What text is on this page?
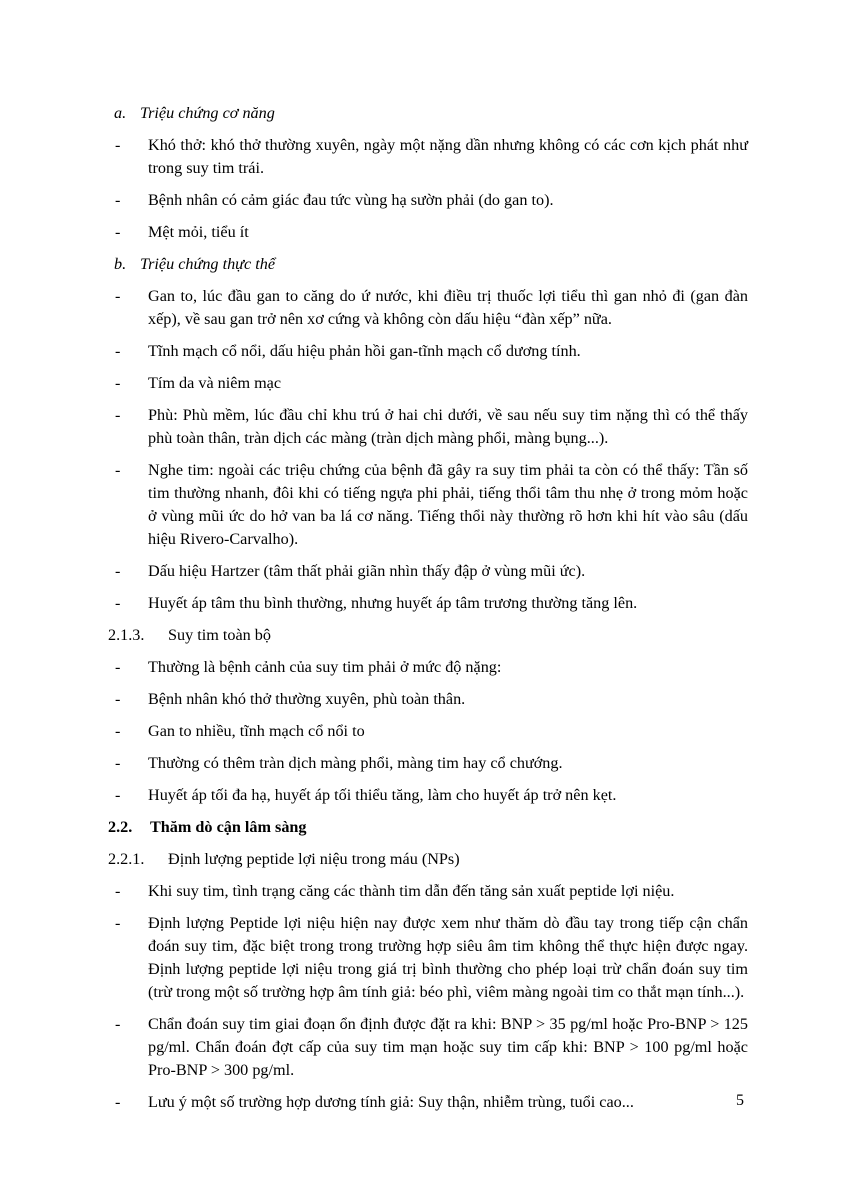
a. Triệu chứng cơ năng
- Khó thở: khó thở thường xuyên, ngày một nặng dần nhưng không có các cơn kịch phát như trong suy tim trái.
- Bệnh nhân có cảm giác đau tức vùng hạ sườn phải (do gan to).
- Mệt mỏi, tiểu ít
b. Triệu chứng thực thể
- Gan to, lúc đầu gan to căng do ứ nước, khi điều trị thuốc lợi tiểu thì gan nhỏ đi (gan đàn xếp), về sau gan trở nên xơ cứng và không còn dấu hiệu “đàn xếp” nữa.
- Tĩnh mạch cổ nổi, dấu hiệu phản hồi gan-tĩnh mạch cổ dương tính.
- Tím da và niêm mạc
- Phù: Phù mềm, lúc đầu chỉ khu trú ở hai chi dưới, về sau nếu suy tim nặng thì có thể thấy phù toàn thân, tràn dịch các màng (tràn dịch màng phổi, màng bụng...).
- Nghe tim: ngoài các triệu chứng của bệnh đã gây ra suy tim phải ta còn có thể thấy: Tần số tim thường nhanh, đôi khi có tiếng ngựa phi phải, tiếng thổi tâm thu nhẹ ở trong mỏm hoặc ở vùng mũi ức do hở van ba lá cơ năng. Tiếng thổi này thường rõ hơn khi hít vào sâu (dấu hiệu Rivero-Carvalho).
- Dấu hiệu Hartzer (tâm thất phải giãn nhìn thấy đập ở vùng mũi ức).
- Huyết áp tâm thu bình thường, nhưng huyết áp tâm trương thường tăng lên.
2.1.3. Suy tim toàn bộ
- Thường là bệnh cảnh của suy tim phải ở mức độ nặng:
- Bệnh nhân khó thở thường xuyên, phù toàn thân.
- Gan to nhiều, tĩnh mạch cổ nổi to
- Thường có thêm tràn dịch màng phổi, màng tim hay cổ chướng.
- Huyết áp tối đa hạ, huyết áp tối thiểu tăng, làm cho huyết áp trở nên kẹt.
2.2. Thăm dò cận lâm sàng
2.2.1. Định lượng peptide lợi niệu trong máu (NPs)
- Khi suy tim, tình trạng căng các thành tim dẫn đến tăng sản xuất peptide lợi niệu.
- Định lượng Peptide lợi niệu hiện nay được xem như thăm dò đầu tay trong tiếp cận chẩn đoán suy tim, đặc biệt trong trong trường hợp siêu âm tim không thể thực hiện được ngay. Định lượng peptide lợi niệu trong giá trị bình thường cho phép loại trừ chẩn đoán suy tim (trừ trong một số trường hợp âm tính giả: béo phì, viêm màng ngoài tim co thắt mạn tính...).
- Chẩn đoán suy tim giai đoạn ổn định được đặt ra khi: BNP > 35 pg/ml hoặc Pro-BNP > 125 pg/ml. Chẩn đoán đợt cấp của suy tim mạn hoặc suy tim cấp khi: BNP > 100 pg/ml hoặc Pro-BNP > 300 pg/ml.
- Lưu ý một số trường hợp dương tính giả: Suy thận, nhiễm trùng, tuổi cao...	5
